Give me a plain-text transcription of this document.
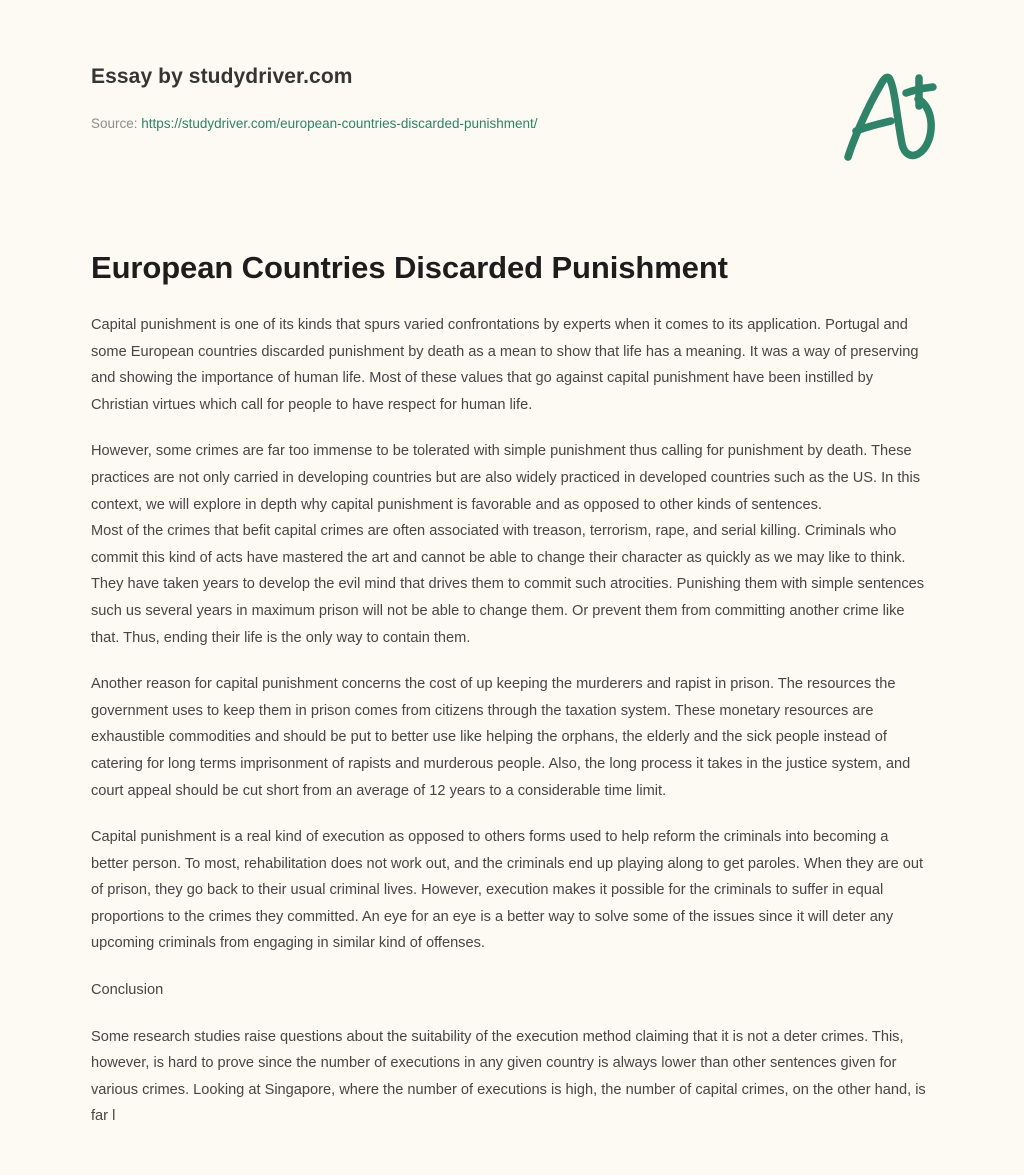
Essay by studydriver.com
Source: https://studydriver.com/european-countries-discarded-punishment/
European Countries Discarded Punishment

Capital punishment is one of its kinds that spurs varied confrontations by experts when it comes to its application. Portugal and some European countries discarded punishment by death as a mean to show that life has a meaning. It was a way of preserving and showing the importance of human life. Most of these values that go against capital punishment have been instilled by Christian virtues which call for people to have respect for human life.

However, some crimes are far too immense to be tolerated with simple punishment thus calling for punishment by death. These practices are not only carried in developing countries but are also widely practiced in developed countries such as the US. In this context, we will explore in depth why capital punishment is favorable and as opposed to other kinds of sentences.

Most of the crimes that befit capital crimes are often associated with treason, terrorism, rape, and serial killing. Criminals who commit this kind of acts have mastered the art and cannot be able to change their character as quickly as we may like to think. They have taken years to develop the evil mind that drives them to commit such atrocities. Punishing them with simple sentences such us several years in maximum prison will not be able to change them. Or prevent them from committing another crime like that. Thus, ending their life is the only way to contain them.

Another reason for capital punishment concerns the cost of up keeping the murderers and rapist in prison. The resources the government uses to keep them in prison comes from citizens through the taxation system. These monetary resources are exhaustible commodities and should be put to better use like helping the orphans, the elderly and the sick people instead of catering for long terms imprisonment of rapists and murderous people. Also, the long process it takes in the justice system, and court appeal should be cut short from an average of 12 years to a considerable time limit.

Capital punishment is a real kind of execution as opposed to others forms used to help reform the criminals into becoming a better person. To most, rehabilitation does not work out, and the criminals end up playing along to get paroles. When they are out of prison, they go back to their usual criminal lives. However, execution makes it possible for the criminals to suffer in equal proportions to the crimes they committed. An eye for an eye is a better way to solve some of the issues since it will deter any upcoming criminals from engaging in similar kind of offenses.

Conclusion

Some research studies raise questions about the suitability of the execution method claiming that it is not a deter crimes. This, however, is hard to prove since the number of executions in any given country is always lower than other sentences given for various crimes. Looking at Singapore, where the number of executions is high, the number of capital crimes, on the other hand, is far l
